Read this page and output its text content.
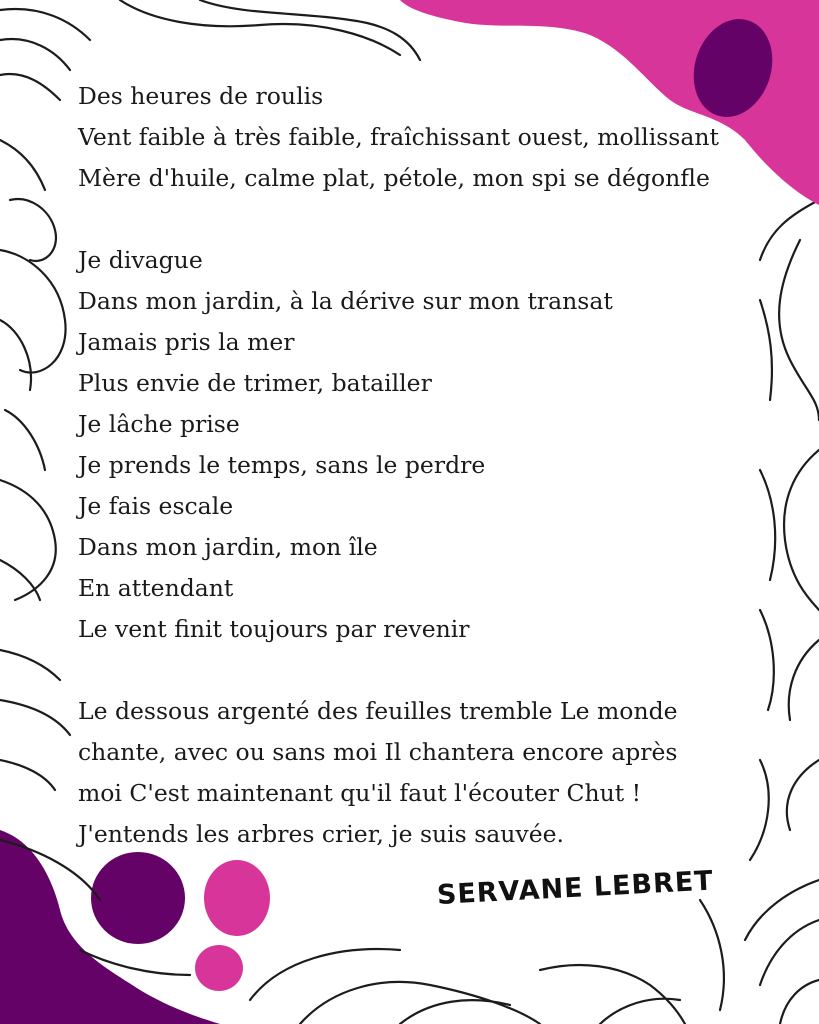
Des heures de roulis
Vent faible à très faible, fraîchissant ouest, mollissant
Mère d'huile, calme plat, pétole, mon spi se dégonfle

Je divague
Dans mon jardin, à la dérive sur mon transat
Jamais pris la mer
Plus envie de trimer, batailler
Je lâche prise
Je prends le temps, sans le perdre
Je fais escale
Dans mon jardin, mon île
En attendant
Le vent finit toujours par revenir

Le dessous argenté des feuilles tremble Le monde chante, avec ou sans moi Il chantera encore après moi C'est maintenant qu'il faut l'écouter Chut ! J'entends les arbres crier, je suis sauvée.

SERVANE LEBRET
